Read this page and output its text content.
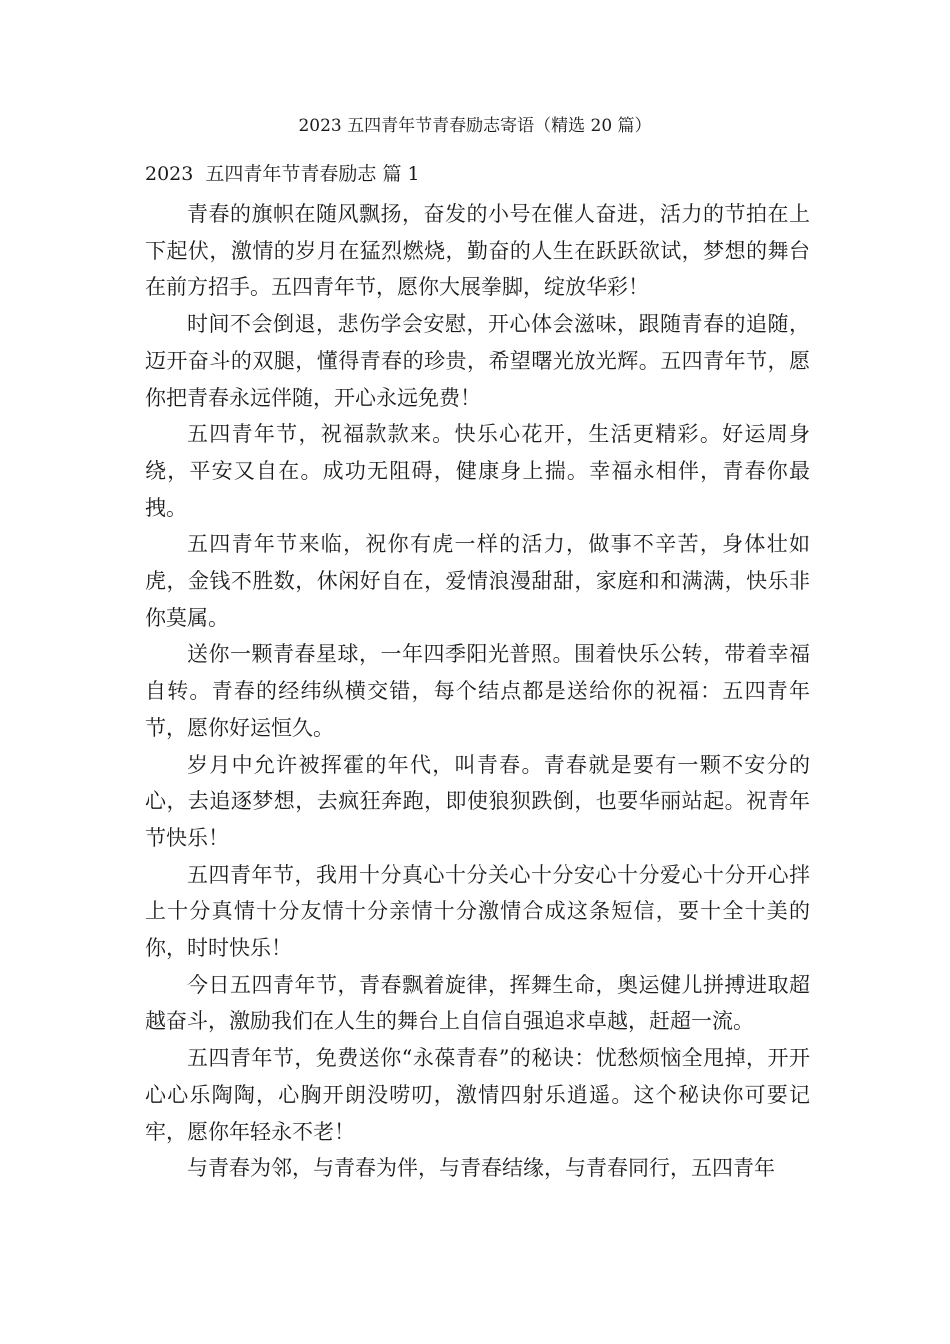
2023 五四青年节青春励志寄语（精选 20 篇）
2023  五四青年节青春励志 篇 1

青春的旗帜在随风飘扬，奋发的小号在催人奋进，活力的节拍在上下起伏，激情的岁月在猛烈燃烧，勤奋的人生在跃跃欲试，梦想的舞台在前方招手。五四青年节，愿你大展拳脚，绽放华彩！

时间不会倒退，悲伤学会安慰，开心体会滋味，跟随青春的追随，迈开奋斗的双腿，懂得青春的珍贵，希望曙光放光辉。五四青年节，愿你把青春永远伴随，开心永远免费！

五四青年节，祝福款款来。快乐心花开，生活更精彩。好运周身绕，平安又自在。成功无阻碍，健康身上揣。幸福永相伴，青春你最拽。

五四青年节来临，祝你有虎一样的活力，做事不辛苦，身体壮如虎，金钱不胜数，休闲好自在，爱情浪漫甜甜，家庭和和满满，快乐非你莫属。

送你一颗青春星球，一年四季阳光普照。围着快乐公转，带着幸福自转。青春的经纬纵横交错，每个结点都是送给你的祝福：五四青年节，愿你好运恒久。

岁月中允许被挥霍的年代，叫青春。青春就是要有一颗不安分的心，去追逐梦想，去疯狂奔跑，即使狼狈跌倒，也要华丽站起。祝青年节快乐！

五四青年节，我用十分真心十分关心十分安心十分爱心十分开心拌上十分真情十分友情十分亲情十分激情合成这条短信，要十全十美的你，时时快乐！

今日五四青年节，青春飘着旋律，挥舞生命，奥运健儿拼搏进取超越奋斗，激励我们在人生的舞台上自信自强追求卓越，赶超一流。

五四青年节，免费送你“永葆青春”的秘诀：忧愁烦恼全甩掉，开开心心乐陶陶，心胸开朗没唠叨，激情四射乐逍遥。这个秘诀你可要记牢，愿你年轻永不老！

与青春为邻，与青春为伴，与青春结缘，与青春同行，五四青年
